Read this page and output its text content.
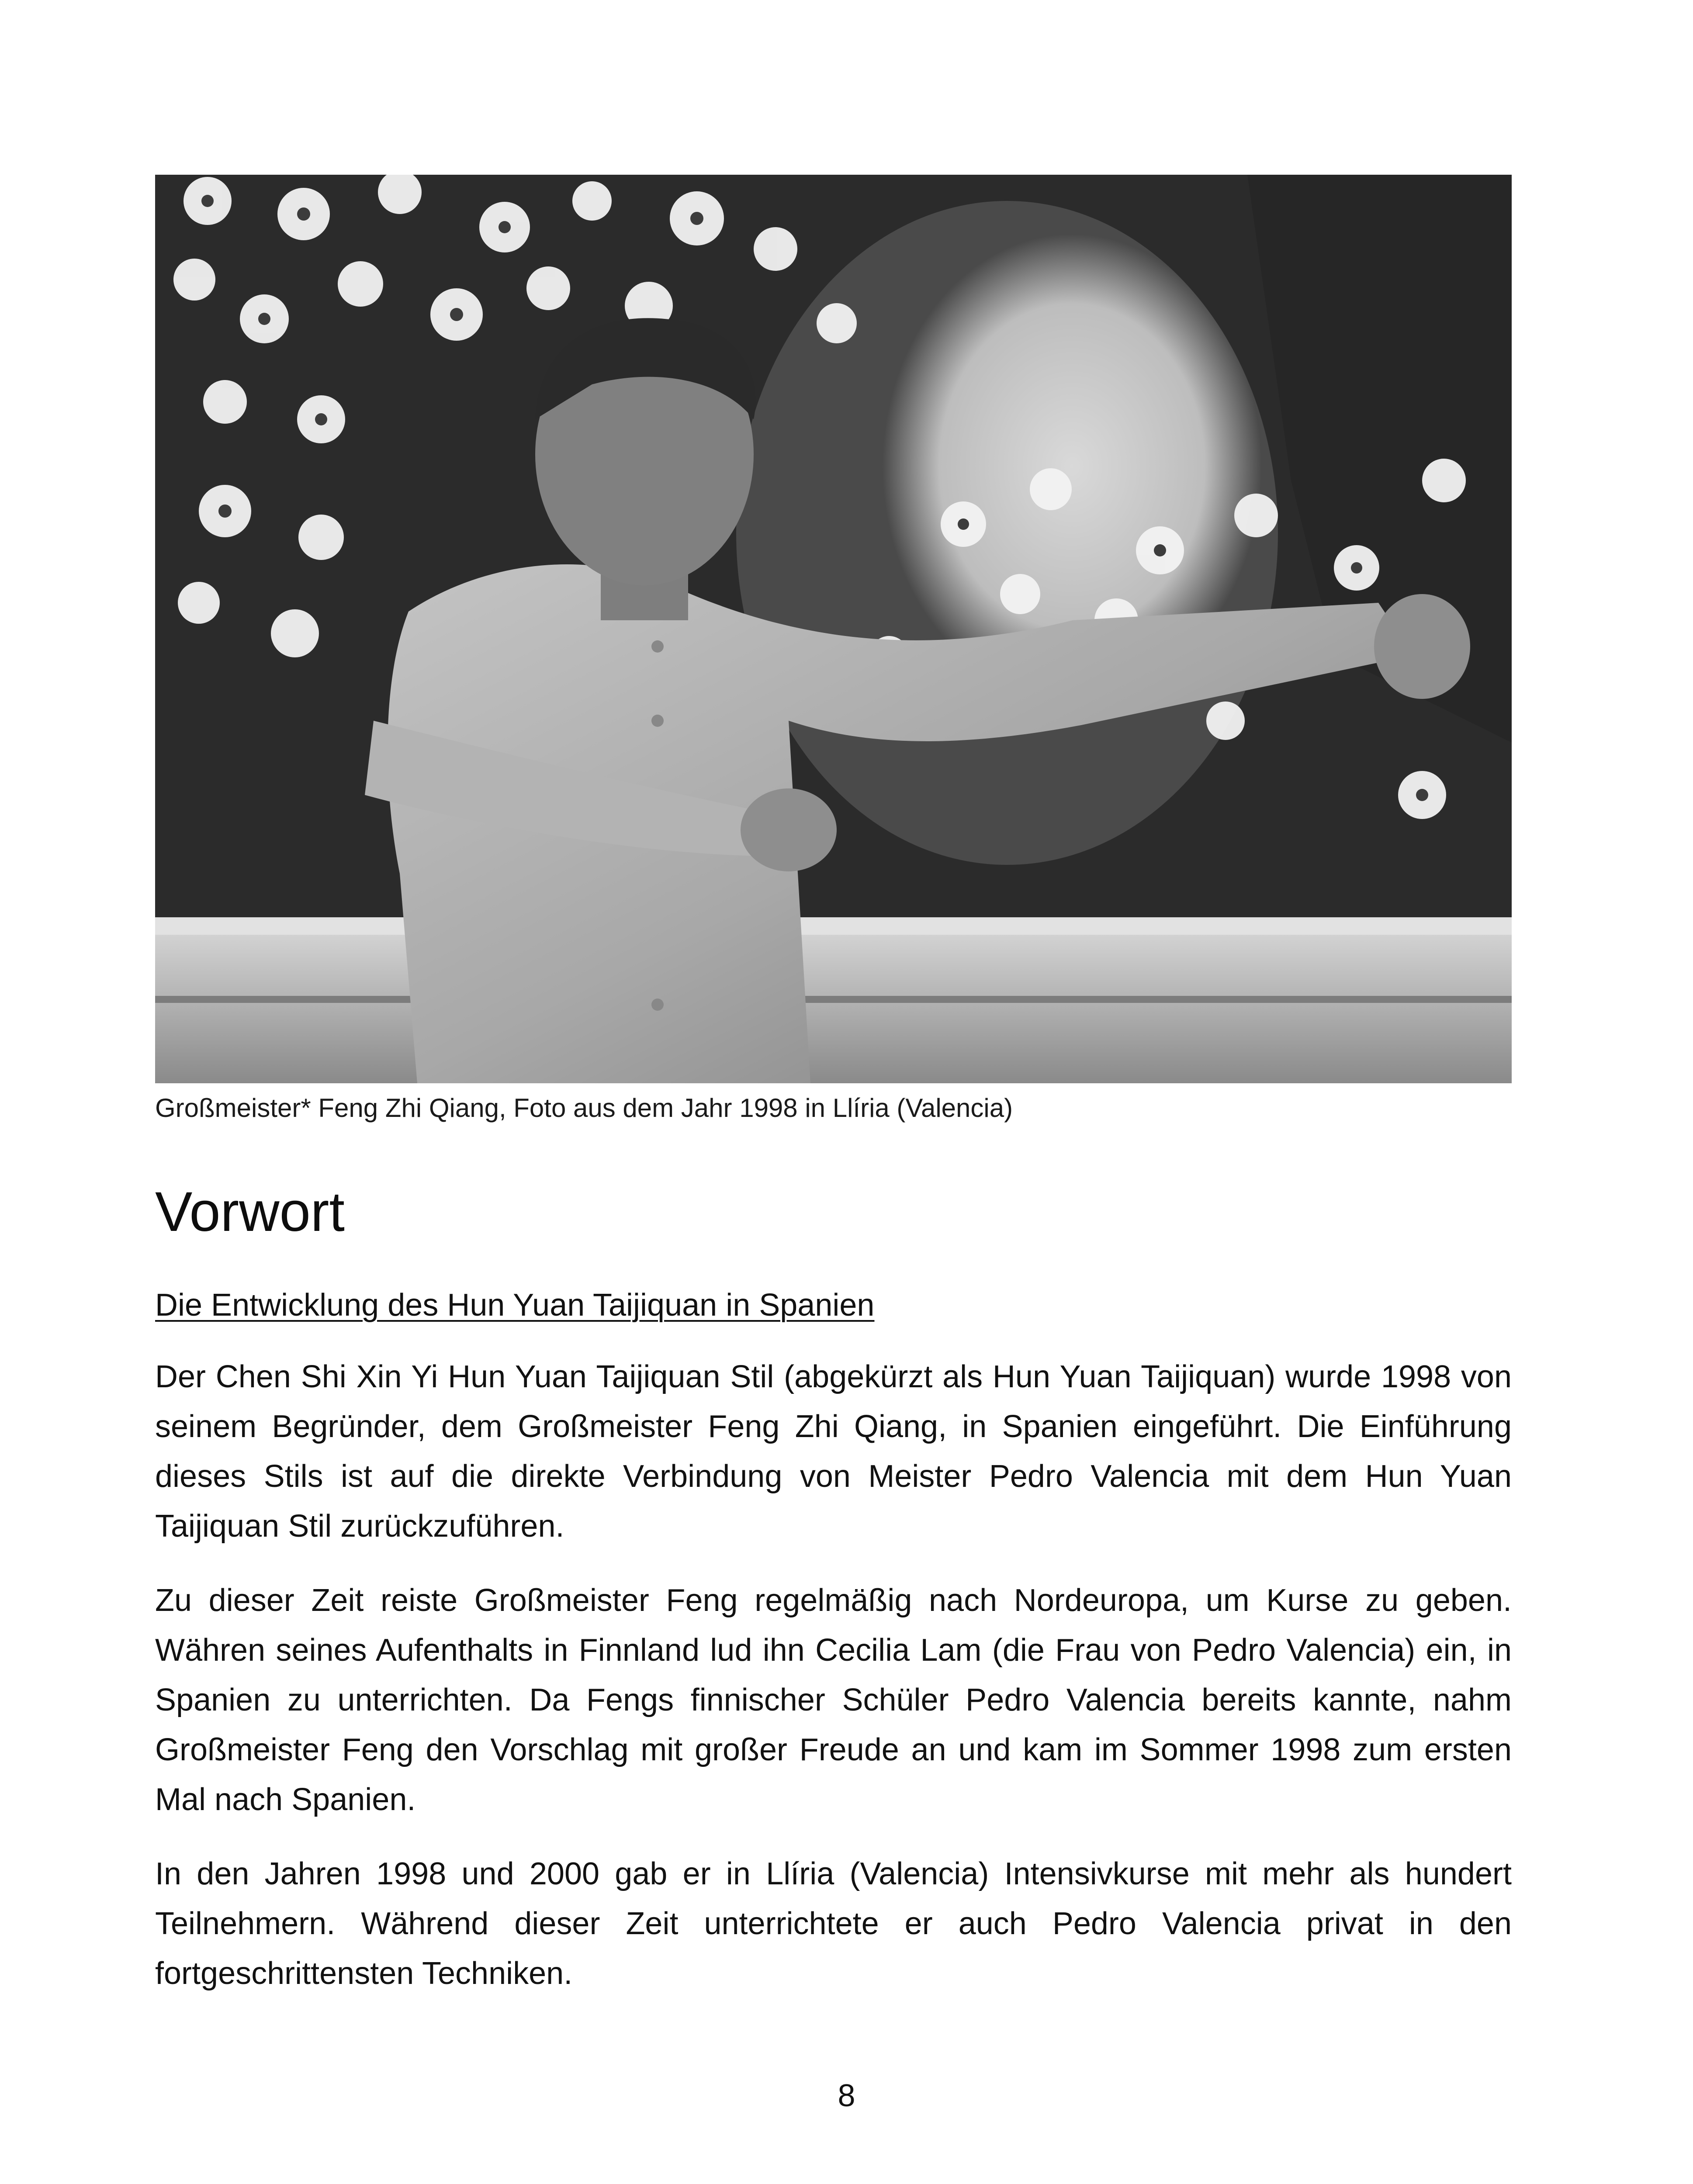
Großmeister* Feng Zhi Qiang, Foto aus dem Jahr 1998 in Llíria (Valencia)
Vorwort
Die Entwicklung des Hun Yuan Taijiquan in Spanien

Der Chen Shi Xin Yi Hun Yuan Taijiquan Stil (abgekürzt als Hun Yuan Taijiquan) wurde 1998 von seinem Begründer, dem Großmeister Feng Zhi Qiang, in Spanien eingeführt. Die Einführung dieses Stils ist auf die direkte Verbindung von Meister Pedro Valencia mit dem Hun Yuan Taijiquan Stil zurückzuführen.

Zu dieser Zeit reiste Großmeister Feng regelmäßig nach Nordeuropa, um Kurse zu geben. Währen seines Aufenthalts in Finnland lud ihn Cecilia Lam (die Frau von Pedro Valencia) ein, in Spanien zu unterrichten. Da Fengs finnischer Schüler Pedro Valencia bereits kannte, nahm Großmeister Feng den Vorschlag mit großer Freude an und kam im Sommer 1998 zum ersten Mal nach Spanien.

In den Jahren 1998 und 2000 gab er in Llíria (Valencia) Intensivkurse mit mehr als hundert Teilnehmern. Während dieser Zeit unterrichtete er auch Pedro Valencia privat in den fortgeschrittensten Techniken.

8
